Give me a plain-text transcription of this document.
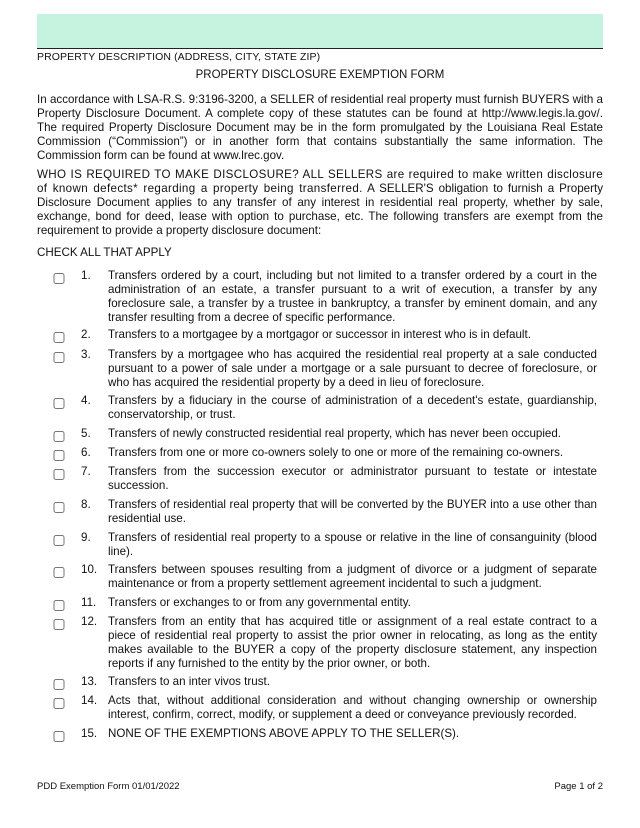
PROPERTY DESCRIPTION (ADDRESS, CITY, STATE ZIP)
PROPERTY DISCLOSURE EXEMPTION FORM

In accordance with LSA-R.S. 9:3196-3200, a SELLER of residential real property must furnish BUYERS with a Property Disclosure Document. A complete copy of these statutes can be found at http://www.legis.la.gov/. The required Property Disclosure Document may be in the form promulgated by the Louisiana Real Estate Commission (“Commission”) or in another form that contains substantially the same information. The Commission form can be found at www.lrec.gov.

WHO IS REQUIRED TO MAKE DISCLOSURE? ALL SELLERS are required to make written disclosure of known defects* regarding a property being transferred. A SELLER'S obligation to furnish a Property Disclosure Document applies to any transfer of any interest in residential real property, whether by sale, exchange, bond for deed, lease with option to purchase, etc. The following transfers are exempt from the requirement to provide a property disclosure document:

CHECK ALL THAT APPLY
1. Transfers ordered by a court, including but not limited to a transfer ordered by a court in the administration of an estate, a transfer pursuant to a writ of execution, a transfer by any foreclosure sale, a transfer by a trustee in bankruptcy, a transfer by eminent domain, and any transfer resulting from a decree of specific performance.

2. Transfers to a mortgagee by a mortgagor or successor in interest who is in default.

3. Transfers by a mortgagee who has acquired the residential real property at a sale conducted pursuant to a power of sale under a mortgage or a sale pursuant to decree of foreclosure, or who has acquired the residential property by a deed in lieu of foreclosure.

4. Transfers by a fiduciary in the course of administration of a decedent's estate, guardianship, conservatorship, or trust.

5. Transfers of newly constructed residential real property, which has never been occupied.

6. Transfers from one or more co-owners solely to one or more of the remaining co-owners.

7. Transfers from the succession executor or administrator pursuant to testate or intestate succession.

8. Transfers of residential real property that will be converted by the BUYER into a use other than residential use.

9. Transfers of residential real property to a spouse or relative in the line of consanguinity (blood line).

10. Transfers between spouses resulting from a judgment of divorce or a judgment of separate maintenance or from a property settlement agreement incidental to such a judgment.

11. Transfers or exchanges to or from any governmental entity.

12. Transfers from an entity that has acquired title or assignment of a real estate contract to a piece of residential real property to assist the prior owner in relocating, as long as the entity makes available to the BUYER a copy of the property disclosure statement, any inspection reports if any furnished to the entity by the prior owner, or both.

13. Transfers to an inter vivos trust.

14. Acts that, without additional consideration and without changing ownership or ownership interest, confirm, correct, modify, or supplement a deed or conveyance previously recorded.

15. NONE OF THE EXEMPTIONS ABOVE APPLY TO THE SELLER(S).

PDD Exemption Form 01/01/2022	Page 1 of 2
